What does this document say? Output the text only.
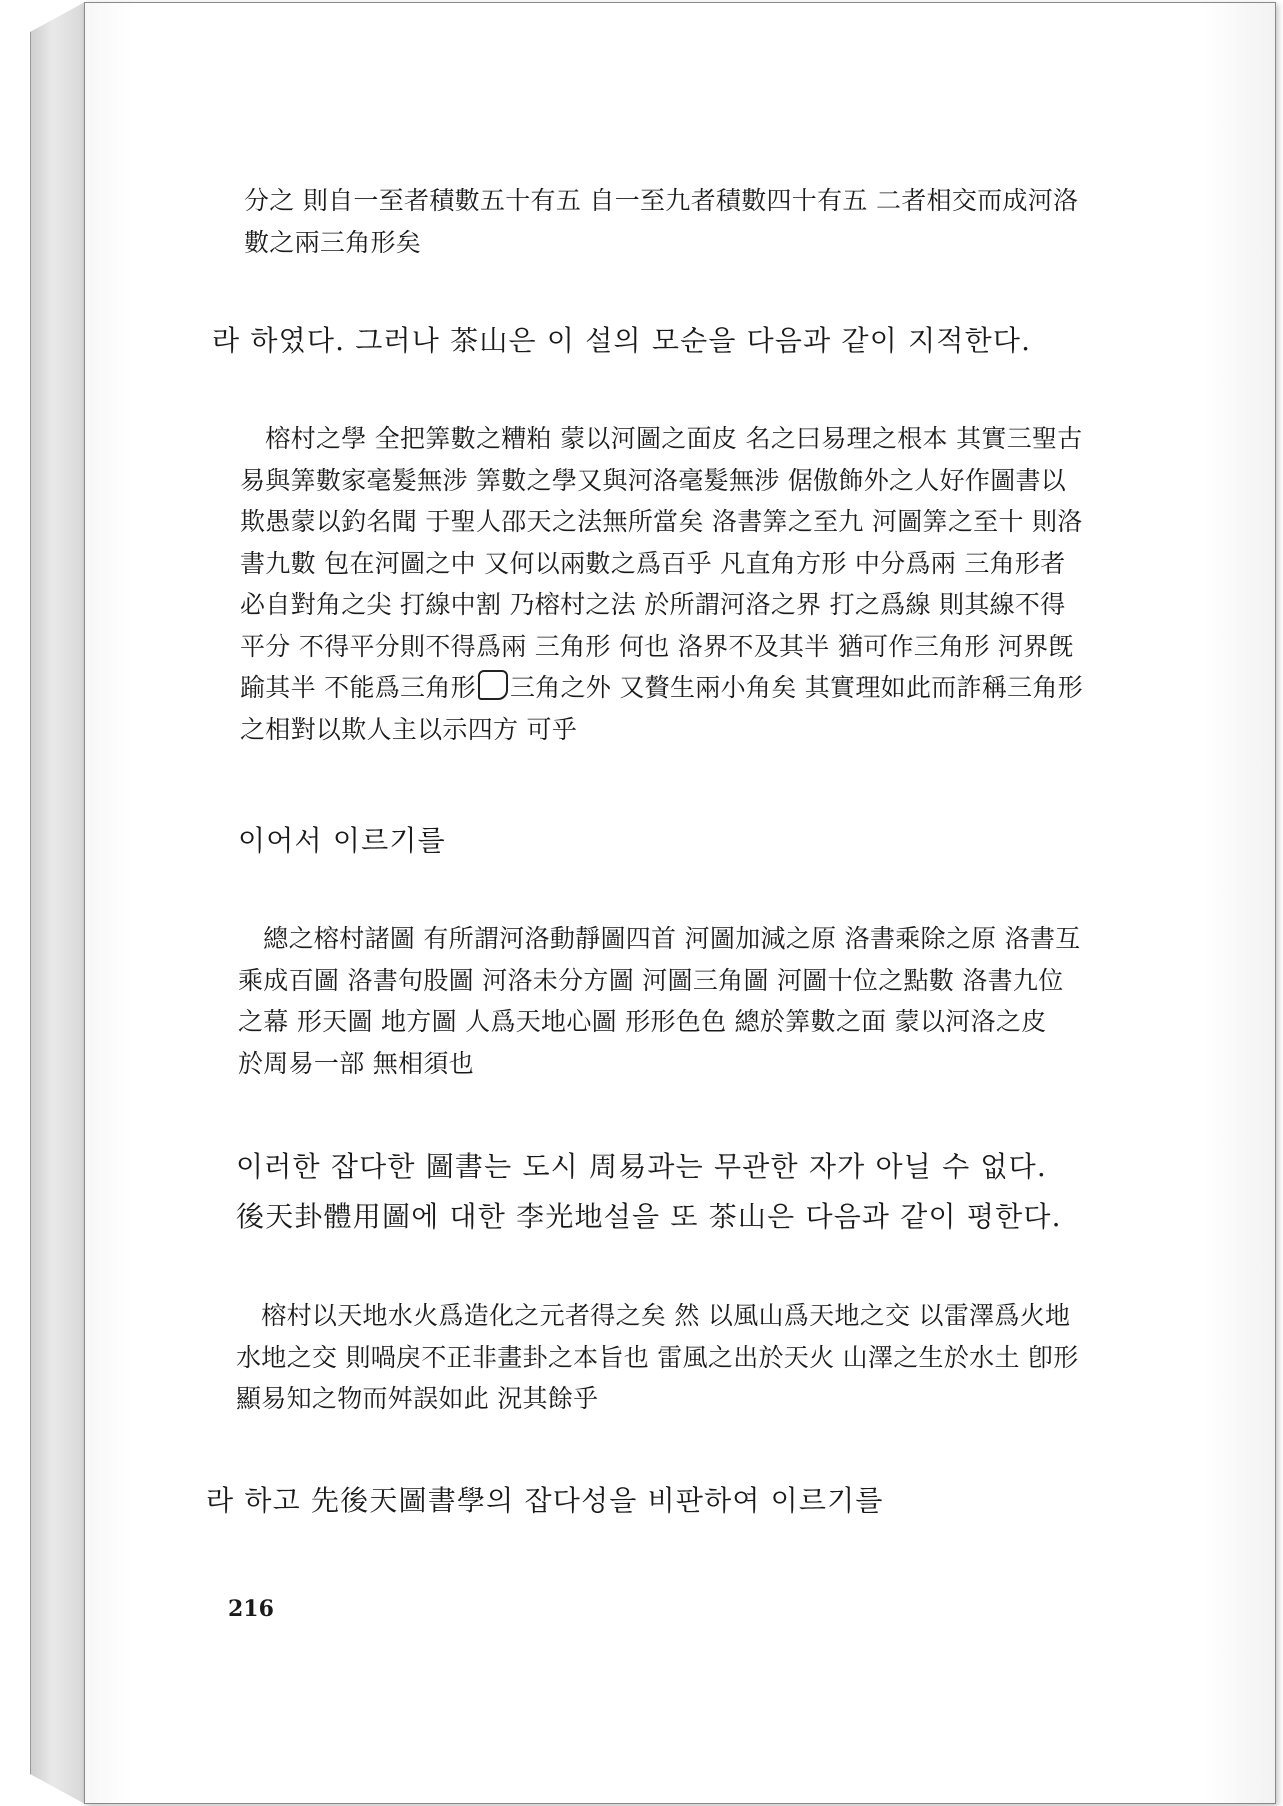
分之 則自一至者積數五十有五 自一至九者積數四十有五 二者相交而成河洛
數之兩三角形矣
라 하였다. 그러나 茶山은 이 설의 모순을 다음과 같이 지적한다.
　榕村之學 全把筭數之糟粕 蒙以河圖之面皮 名之曰易理之根本 其實三聖古
易與筭數家毫髮無涉 筭數之學又與河洛毫髮無涉 倨傲飾外之人好作圖書以
欺愚蒙以釣名聞 于聖人邵天之法無所當矣 洛書筭之至九 河圖筭之至十 則洛
書九數 包在河圖之中 又何以兩數之爲百乎 凡直角方形 中分爲兩 三角形者
必自對角之尖 打線中割 乃榕村之法 於所謂河洛之界 打之爲線 則其線不得
平分 不得平分則不得爲兩 三角形 何也 洛界不及其半 猶可作三角形 河界旣
踰其半 不能爲三角形 三角之外 又贅生兩小角矣 其實理如此而詐稱三角形
之相對以欺人主以示四方 可乎
이어서 이르기를
　總之榕村諸圖 有所謂河洛動靜圖四首 河圖加減之原 洛書乘除之原 洛書互
乘成百圖 洛書句股圖 河洛未分方圖 河圖三角圖 河圖十位之點數 洛書九位
之幕 形天圖 地方圖 人爲天地心圖 形形色色 總於筭數之面 蒙以河洛之皮
於周易一部 無相須也
이러한 잡다한 圖書는 도시 周易과는 무관한 자가 아닐 수 없다.
後天卦體用圖에 대한 李光地설을 또 茶山은 다음과 같이 평한다.
　榕村以天地水火爲造化之元者得之矣 然 以風山爲天地之交 以雷澤爲火地
水地之交 則喎戾不正非畫卦之本旨也 雷風之出於天火 山澤之生於水土 卽形
顯易知之物而舛誤如此 況其餘乎
라 하고 先後天圖書學의 잡다성을 비판하여 이르기를
216
